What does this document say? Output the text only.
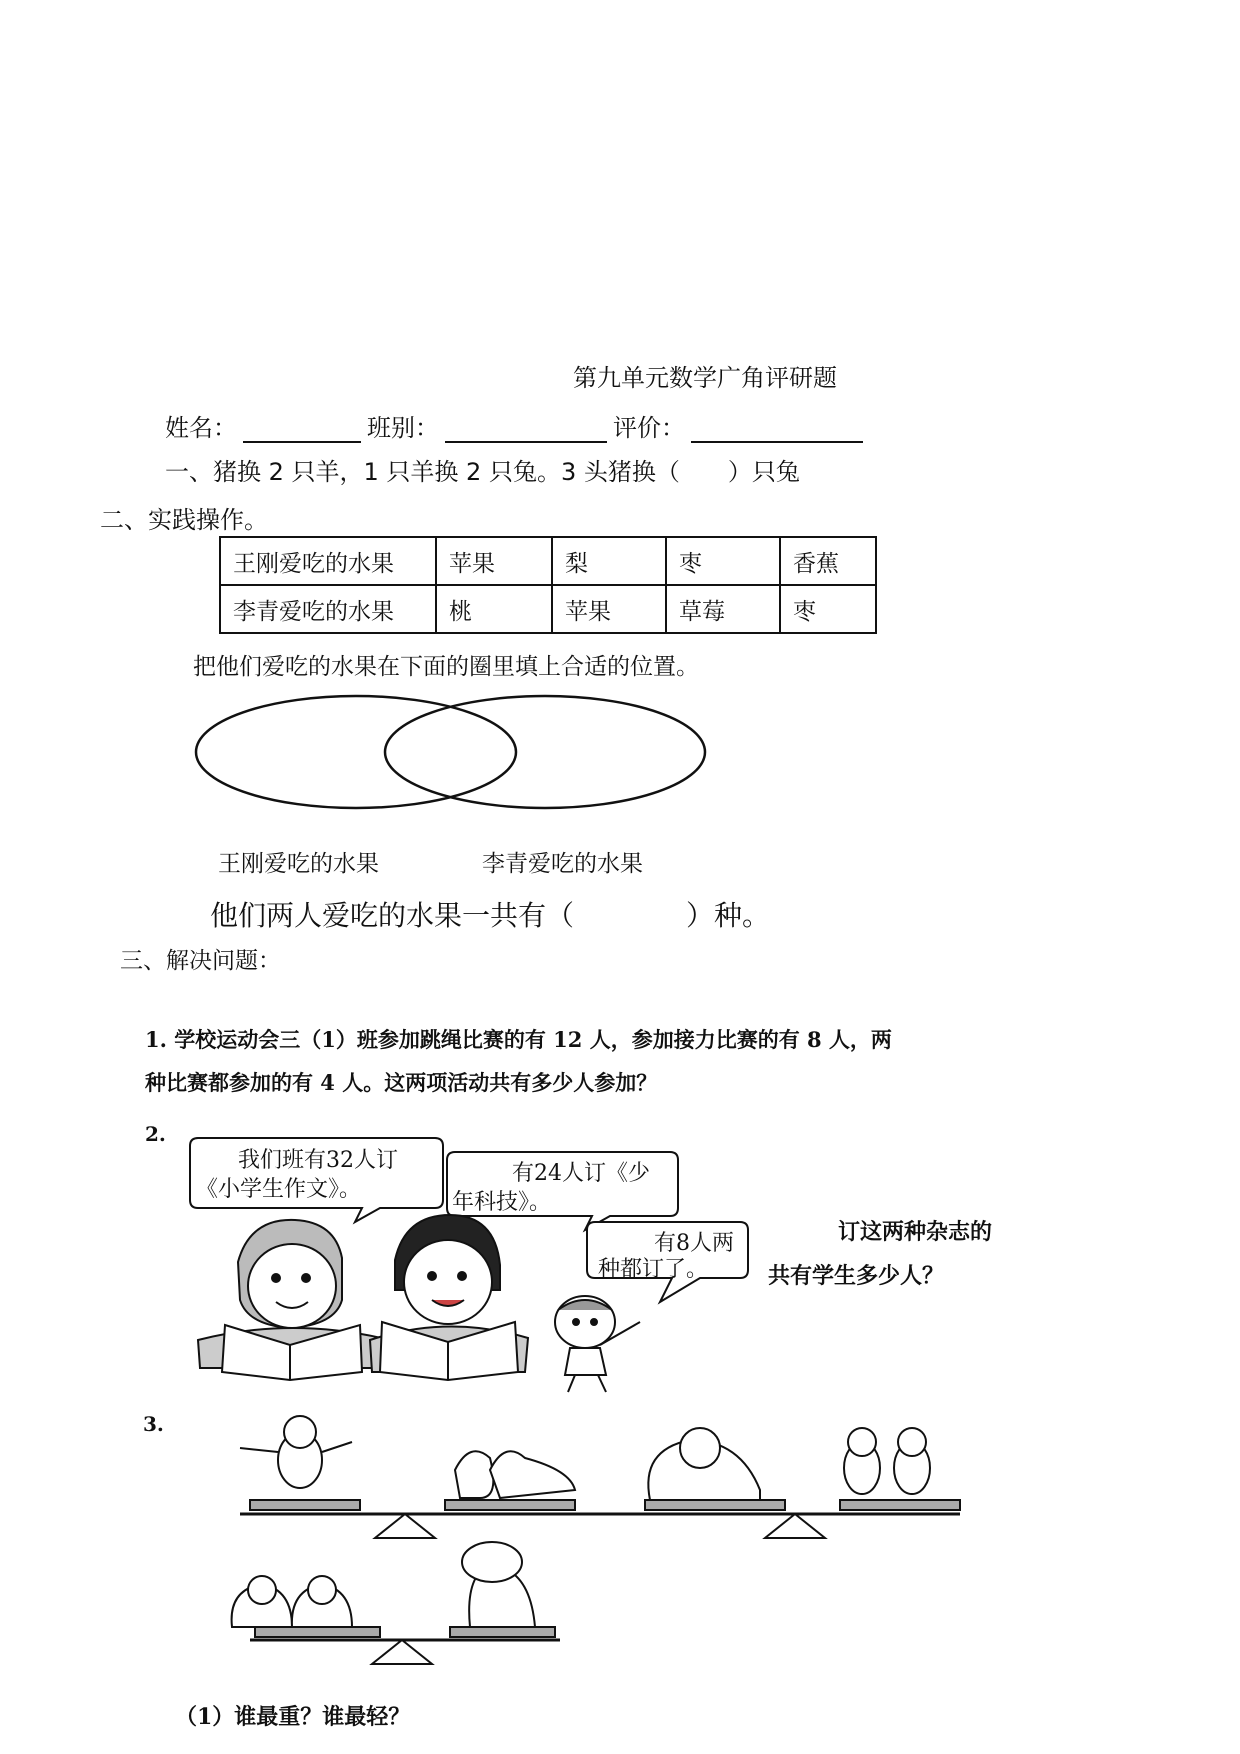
第九单元数学广角评研题
姓名：	班别：	评价：
一、猪换 2 只羊，1 只羊换 2 只兔。3 头猪换（　　）只兔
二、实践操作。
王刚爱吃的水果	苹果	梨	枣	香蕉
李青爱吃的水果	桃	苹果	草莓	枣
把他们爱吃的水果在下面的圈里填上合适的位置。
王刚爱吃的水果	李青爱吃的水果
他们两人爱吃的水果一共有（　　　　）种。
三、解决问题：
1. 学校运动会三（1）班参加跳绳比赛的有 12 人，参加接力比赛的有 8 人，两
种比赛都参加的有 4 人。这两项活动共有多少人参加？
2.
我们班有32人订
《小学生作文》。
有24人订《少
年科技》。
有8人两
种都订了。
订这两种杂志的
共有学生多少人？
3.
（1）谁最重？谁最轻？
